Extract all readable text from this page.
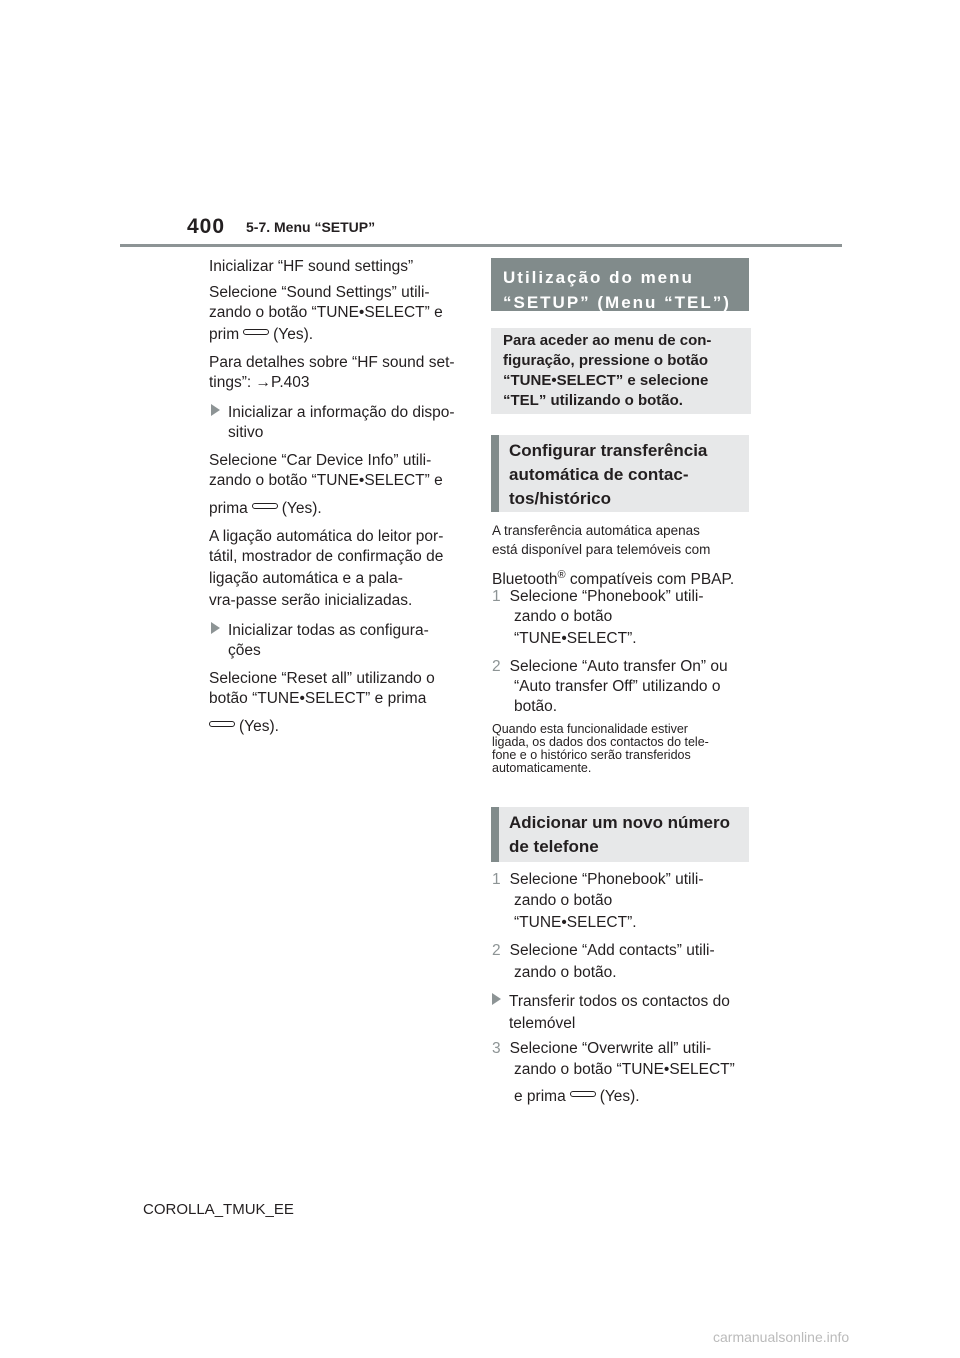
400 5-7. Menu “SETUP”
Inicializar “HF sound settings”
Selecione “Sound Settings” utili-
zando o botão “TUNE•SELECT” e
prim (Yes).
Para detalhes sobre “HF sound set-
tings”: →P.403
Inicializar a informação do dispo-
sitivo
Selecione “Car Device Info” utili-
zando o botão “TUNE•SELECT” e
prima (Yes).
A ligação automática do leitor por-
tátil, mostrador de confirmação de
ligação automática e a pala-
vra-passe serão inicializadas.
Inicializar todas as configura-
ções
Selecione “Reset all” utilizando o
botão “TUNE•SELECT” e prima
(Yes).
Utilização do menu
“SETUP” (Menu “TEL”)
Para aceder ao menu de con-
figuração, pressione o botão
“TUNE•SELECT” e selecione
“TEL” utilizando o botão.
Configurar transferência
automática de contac-
tos/histórico
A transferência automática apenas
está disponível para telemóveis com
Bluetooth® compatíveis com PBAP.
1 Selecione “Phonebook” utili-
zando o botão
“TUNE•SELECT”.
2 Selecione “Auto transfer On” ou
“Auto transfer Off” utilizando o
botão.
Quando esta funcionalidade estiver
ligada, os dados dos contactos do tele-
fone e o histórico serão transferidos
automaticamente.
Adicionar um novo número
de telefone
1 Selecione “Phonebook” utili-
zando o botão
“TUNE•SELECT”.
2 Selecione “Add contacts” utili-
zando o botão.
Transferir todos os contactos do
telemóvel
3 Selecione “Overwrite all” utili-
zando o botão “TUNE•SELECT”
e prima (Yes).
COROLLA_TMUK_EE
carmanualsonline.info
